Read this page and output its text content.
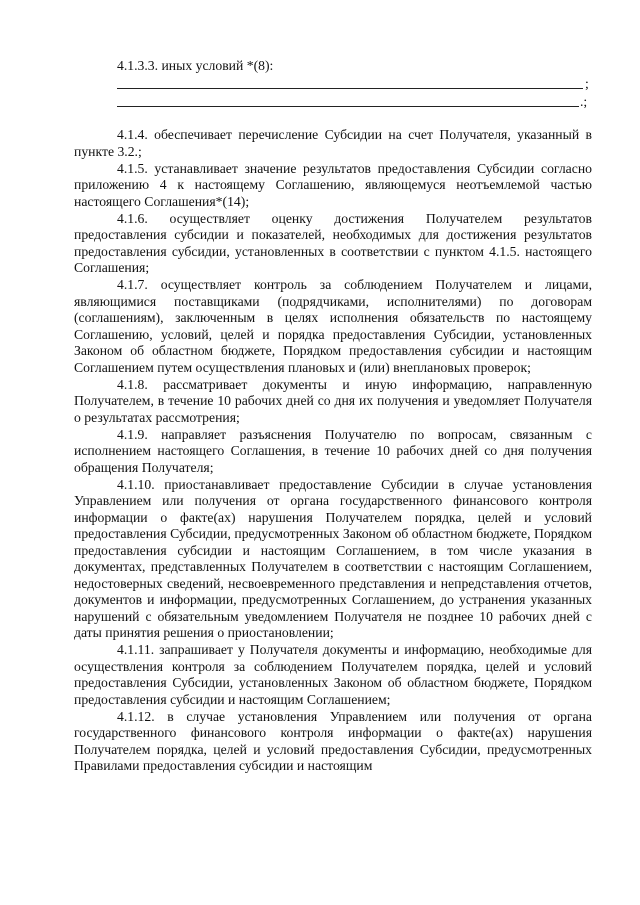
4.1.3.3. иных условий *(8):
;
.;

4.1.4. обеспечивает перечисление Субсидии на счет Получателя, указанный в пункте 3.2.;

4.1.5. устанавливает значение результатов предоставления Субсидии согласно приложению 4 к настоящему Соглашению, являющемуся неотъемлемой частью настоящего Соглашения*(14);

4.1.6. осуществляет оценку достижения Получателем результатов предоставления субсидии и показателей, необходимых для достижения результатов предоставления субсидии, установленных в соответствии с пунктом 4.1.5. настоящего Соглашения;

4.1.7. осуществляет контроль за соблюдением Получателем и лицами, являющимися поставщиками (подрядчиками, исполнителями) по договорам (соглашениям), заключенным в целях исполнения обязательств по настоящему Соглашению, условий, целей и порядка предоставления Субсидии, установленных Законом об областном бюджете, Порядком предоставления субсидии и настоящим Соглашением путем осуществления плановых и (или) внеплановых проверок;

4.1.8. рассматривает документы и иную информацию, направленную Получателем, в течение 10 рабочих дней со дня их получения и уведомляет Получателя о результатах рассмотрения;

4.1.9. направляет разъяснения Получателю по вопросам, связанным с исполнением настоящего Соглашения, в течение 10 рабочих дней со дня получения обращения Получателя;

4.1.10. приостанавливает предоставление Субсидии в случае установления Управлением или получения от органа государственного финансового контроля информации о факте(ах) нарушения Получателем порядка, целей и условий предоставления Субсидии, предусмотренных Законом об областном бюджете, Порядком предоставления субсидии и настоящим Соглашением, в том числе указания в документах, представленных Получателем в соответствии с настоящим Соглашением, недостоверных сведений, несвоевременного представления и непредставления отчетов, документов и информации, предусмотренных Соглашением, до устранения указанных нарушений с обязательным уведомлением Получателя не позднее 10 рабочих дней с даты принятия решения о приостановлении;

4.1.11. запрашивает у Получателя документы и информацию, необходимые для осуществления контроля за соблюдением Получателем порядка, целей и условий предоставления Субсидии, установленных Законом об областном бюджете, Порядком предоставления субсидии и настоящим Соглашением;

4.1.12. в случае установления Управлением или получения от органа государственного финансового контроля информации о факте(ах) нарушения Получателем порядка, целей и условий предоставления Субсидии, предусмотренных Правилами предоставления субсидии и настоящим
